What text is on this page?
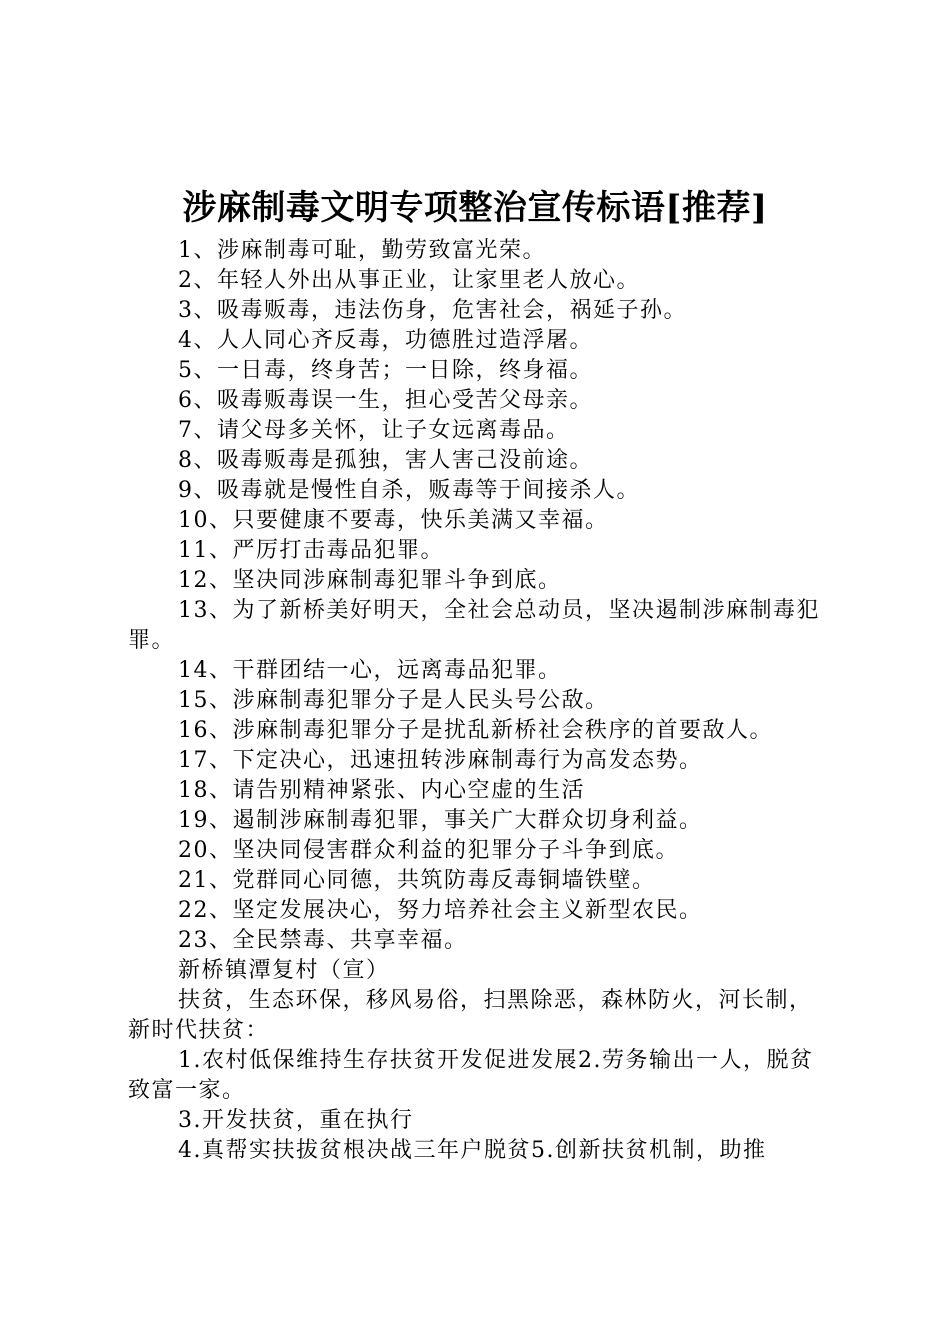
涉麻制毒文明专项整治宣传标语[推荐]

1、涉麻制毒可耻，勤劳致富光荣。

2、年轻人外出从事正业，让家里老人放心。

3、吸毒贩毒，违法伤身，危害社会，祸延子孙。

4、人人同心齐反毒，功德胜过造浮屠。

5、一日毒，终身苦；一日除，终身福。

6、吸毒贩毒误一生，担心受苦父母亲。

7、请父母多关怀，让子女远离毒品。

8、吸毒贩毒是孤独，害人害己没前途。

9、吸毒就是慢性自杀，贩毒等于间接杀人。

10、只要健康不要毒，快乐美满又幸福。

11、严厉打击毒品犯罪。

12、坚决同涉麻制毒犯罪斗争到底。

13、为了新桥美好明天，全社会总动员，坚决遏制涉麻制毒犯罪。

14、干群团结一心，远离毒品犯罪。

15、涉麻制毒犯罪分子是人民头号公敌。

16、涉麻制毒犯罪分子是扰乱新桥社会秩序的首要敌人。

17、下定决心，迅速扭转涉麻制毒行为高发态势。

18、请告别精神紧张、内心空虚的生活

19、遏制涉麻制毒犯罪，事关广大群众切身利益。

20、坚决同侵害群众利益的犯罪分子斗争到底。

21、党群同心同德，共筑防毒反毒铜墙铁壁。

22、坚定发展决心，努力培养社会主义新型农民。

23、全民禁毒、共享幸福。

新桥镇潭复村（宣）

扶贫，生态环保，移风易俗，扫黑除恶，森林防火，河长制，新时代扶贫：

1.农村低保维持生存扶贫开发促进发展2.劳务输出一人，脱贫致富一家。

3.开发扶贫，重在执行

4.真帮实扶拔贫根决战三年户脱贫5.创新扶贫机制，助推
